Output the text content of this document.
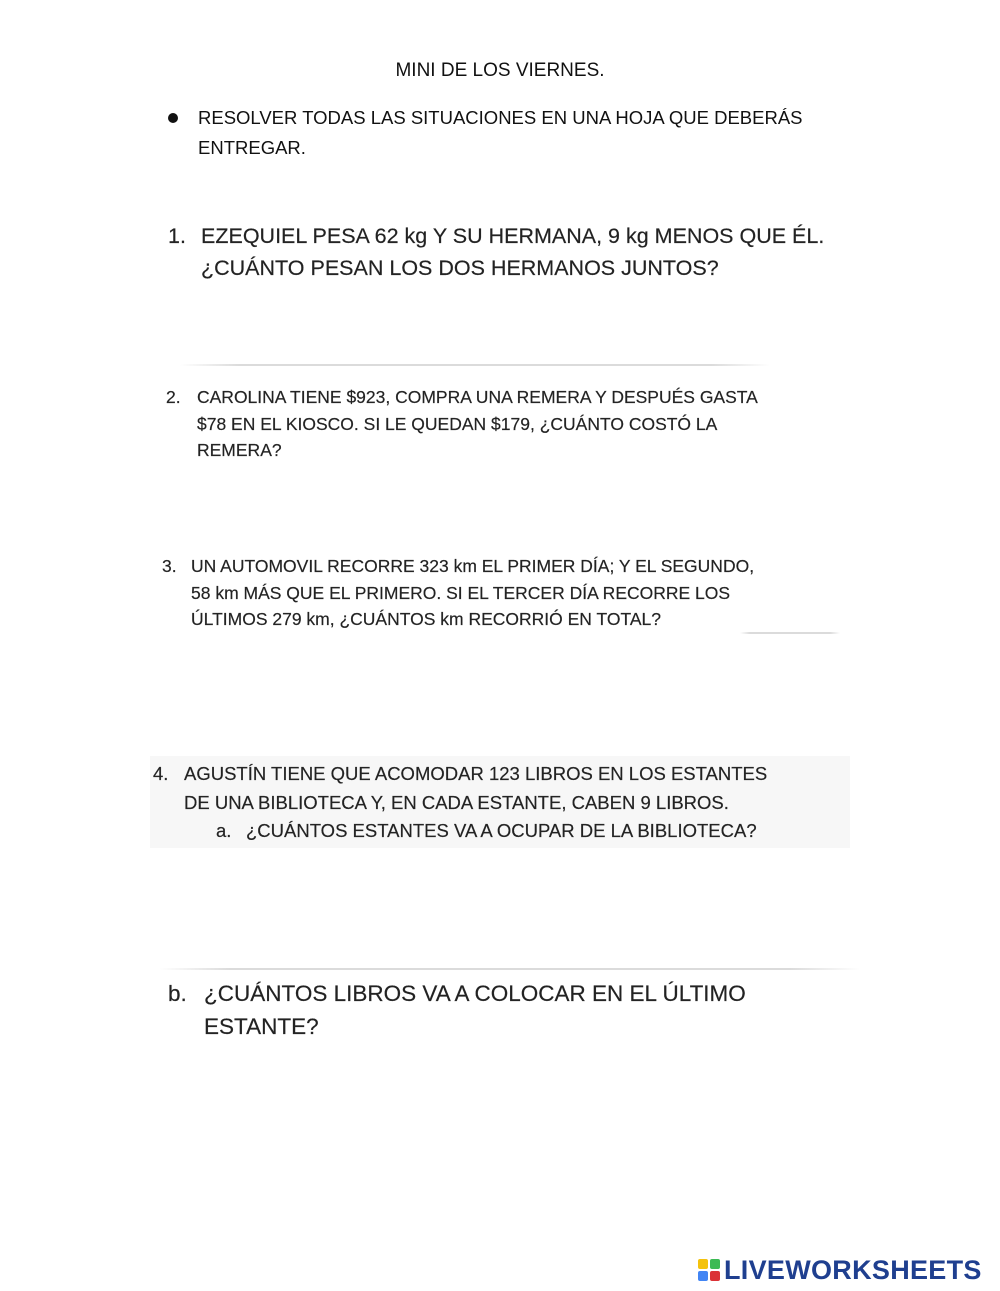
MINI DE LOS VIERNES.
RESOLVER TODAS LAS SITUACIONES EN UNA HOJA QUE DEBERÁS ENTREGAR.
1. EZEQUIEL PESA 62 kg Y SU HERMANA, 9 kg MENOS QUE ÉL.
¿CUÁNTO PESAN LOS DOS HERMANOS JUNTOS?
2. CAROLINA TIENE $923, COMPRA UNA REMERA Y DESPUÉS GASTA
$78 EN EL KIOSCO. SI LE QUEDAN $179, ¿CUÁNTO COSTÓ LA
REMERA?
3. UN AUTOMOVIL RECORRE 323 km EL PRIMER DÍA; Y EL SEGUNDO,
58 km MÁS QUE EL PRIMERO. SI EL TERCER DÍA RECORRE LOS
ÚLTIMOS 279 km, ¿CUÁNTOS km RECORRIÓ EN TOTAL?
4. AGUSTÍN TIENE QUE ACOMODAR 123 LIBROS EN LOS ESTANTES
DE UNA BIBLIOTECA Y, EN CADA ESTANTE, CABEN 9 LIBROS.
a. ¿CUÁNTOS ESTANTES VA A OCUPAR DE LA BIBLIOTECA?
b. ¿CUÁNTOS LIBROS VA A COLOCAR EN EL ÚLTIMO
ESTANTE?
LIVEWORKSHEETS
